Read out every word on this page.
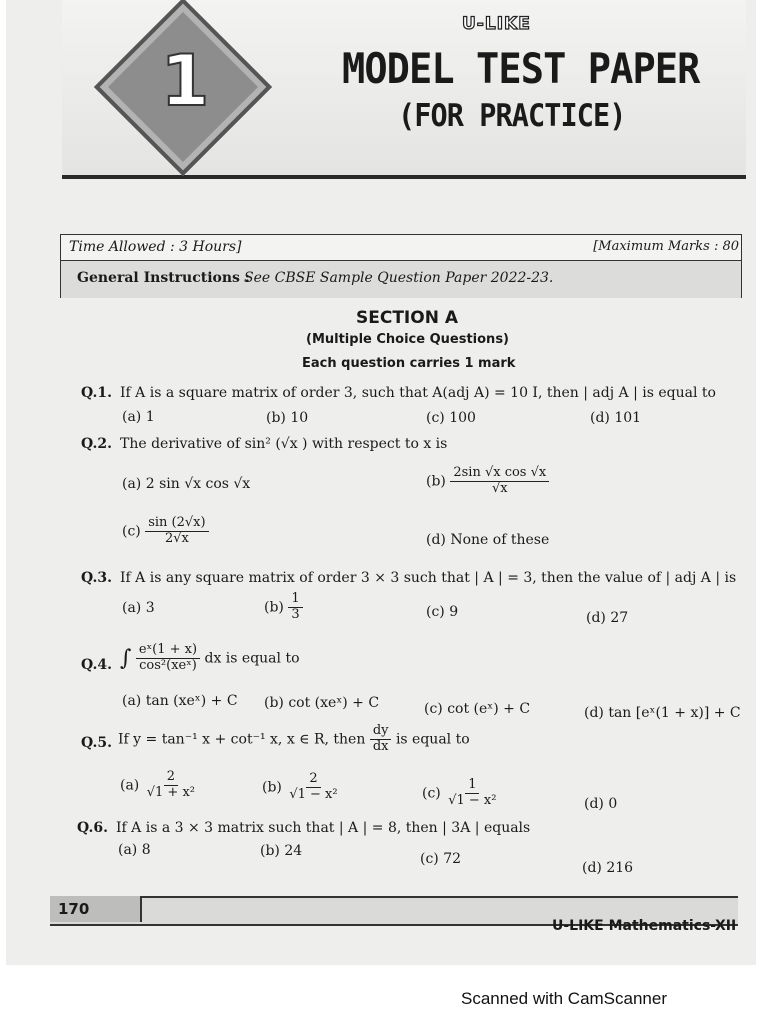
1
U-LIKE
MODEL TEST PAPER
(FOR PRACTICE)
Time Allowed : 3 Hours]	[Maximum Marks : 80
General Instructions :
See CBSE Sample Question Paper 2022-23.
SECTION A
(Multiple Choice Questions)
Each question carries 1 mark
Q.1. If A is a square matrix of order 3, such that A(adj A) = 10 I, then | adj A | is equal to
(a) 1	(b) 10	(c) 100	(d) 101
Q.2. The derivative of sin² (√x ) with respect to x is
(a) 2 sin √x cos √x	$(b) \frac{\text{2sin √x cos √x}}{√x}$
$(c) \frac{\sin (2√x)}{2√x}$	(d) None of these
Q.3. If A is any square matrix of order 3 × 3 such that | A | = 3, then the value of | adj A | is
(a) 3	$(b) \frac{1}{3}$	(c) 9	(d) 27
Q.4. ∫ $\frac{\text{eˣ(1 + x)}}{\text{cos²(xeˣ)}}$ dx is equal to
(a) tan (xeˣ) + C (b) cot (xeˣ) + C	(c) cot (eˣ) + C	(d) tan [eˣ(1 + x)] + C
Q.5. If y = tan⁻¹ x + cot⁻¹ x, x ∈ R, then $\frac{dy}{dx}$ is equal to
$(a) \frac{2}{\text{√1 + x²}}$	$(b) \frac{2}{\text{√1 − x²}}$	$(c) \frac{1}{\text{√1 − x²}}$	(d) 0
Q.6. If A is a 3 × 3 matrix such that | A | = 8, then | 3A | equals
(a) 8	(b) 24	(c) 72
(d) 216
170
U-LIKE Mathematics-XII
Scanned with CamScanner
